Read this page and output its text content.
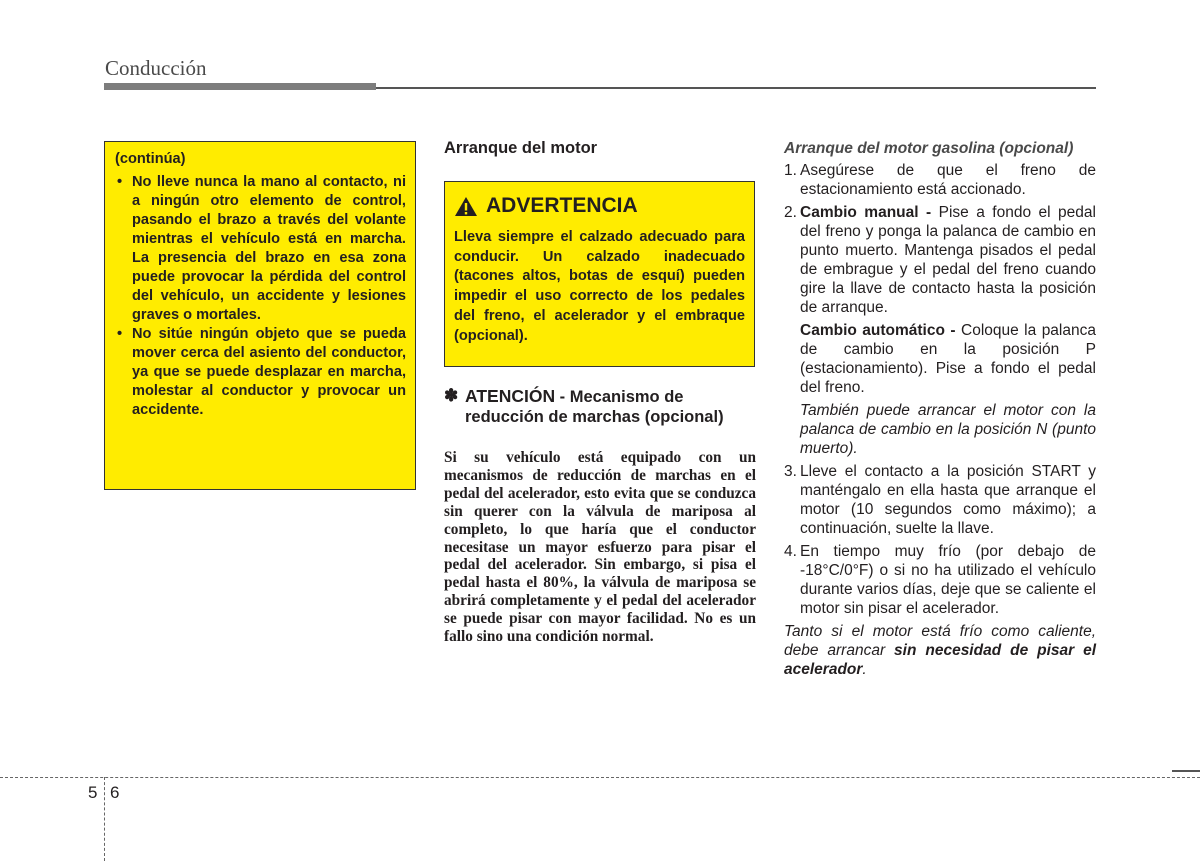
Conducción
(continúa)
• No lleve nunca la mano al contacto, ni a ningún otro elemento de control, pasando el brazo a través del volante mientras el vehículo está en marcha. La presencia del brazo en esa zona puede provocar la pérdida del control del vehículo, un accidente y lesiones graves o mortales.
• No sitúe ningún objeto que se pueda mover cerca del asiento del conductor, ya que se puede desplazar en marcha, molestar al conductor y provocar un accidente.
Arranque del motor
ADVERTENCIA
Lleva siempre el calzado adecuado para conducir. Un calzado inadecuado (tacones altos, botas de esquí) pueden impedir el uso correcto de los pedales del freno, el acelerador y el embraque (opcional).
✽ ATENCIÓN - Mecanismo de reducción de marchas (opcional)
Si su vehículo está equipado con un mecanismos de reducción de marchas en el pedal del acelerador, esto evita que se conduzca sin querer con la válvula de mariposa al completo, lo que haría que el conductor necesitase un mayor esfuerzo para pisar el pedal del acelerador. Sin embargo, si pisa el pedal hasta el 80%, la válvula de mariposa se abrirá completamente y el pedal del acelerador se puede pisar con mayor facilidad. No es un fallo sino una condición normal.
Arranque del motor gasolina (opcional)
1. Asegúrese de que el freno de estacionamiento está accionado.
2. Cambio manual - Pise a fondo el pedal del freno y ponga la palanca de cambio en punto muerto. Mantenga pisados el pedal de embrague y el pedal del freno cuando gire la llave de contacto hasta la posición de arranque.
Cambio automático - Coloque la palanca de cambio en la posición P (estacionamiento). Pise a fondo el pedal del freno.
También puede arrancar el motor con la palanca de cambio en la posición N (punto muerto).
3. Lleve el contacto a la posición START y manténgalo en ella hasta que arranque el motor (10 segundos como máximo); a continuación, suelte la llave.
4. En tiempo muy frío (por debajo de -18°C/0°F) o si no ha utilizado el vehículo durante varios días, deje que se caliente el motor sin pisar el acelerador.
Tanto si el motor está frío como caliente, debe arrancar sin necesidad de pisar el acelerador.
5 6
